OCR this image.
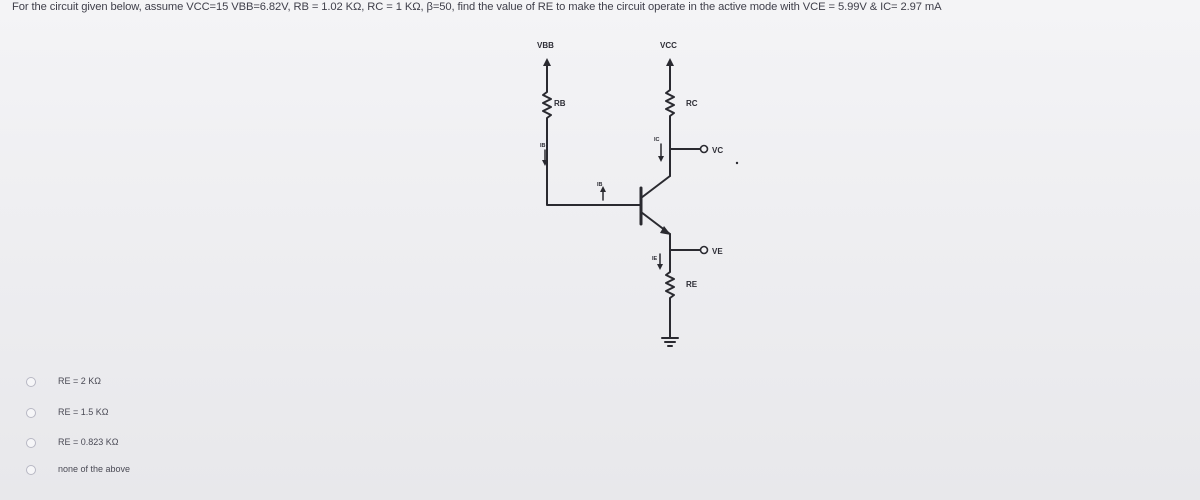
For the circuit given below, assume VCC=15 VBB=6.82V, RB = 1.02 KΩ, RC = 1 KΩ, β=50, find the value of RE to make the circuit operate in the active mode with VCE = 5.99V & IC= 2.97 mA
VBB	VCC
RB	RC
VC
VE
RE
IB
IB
IC
IE
RE = 2 KΩ
RE = 1.5 KΩ
RE = 0.823 KΩ
none of the above
